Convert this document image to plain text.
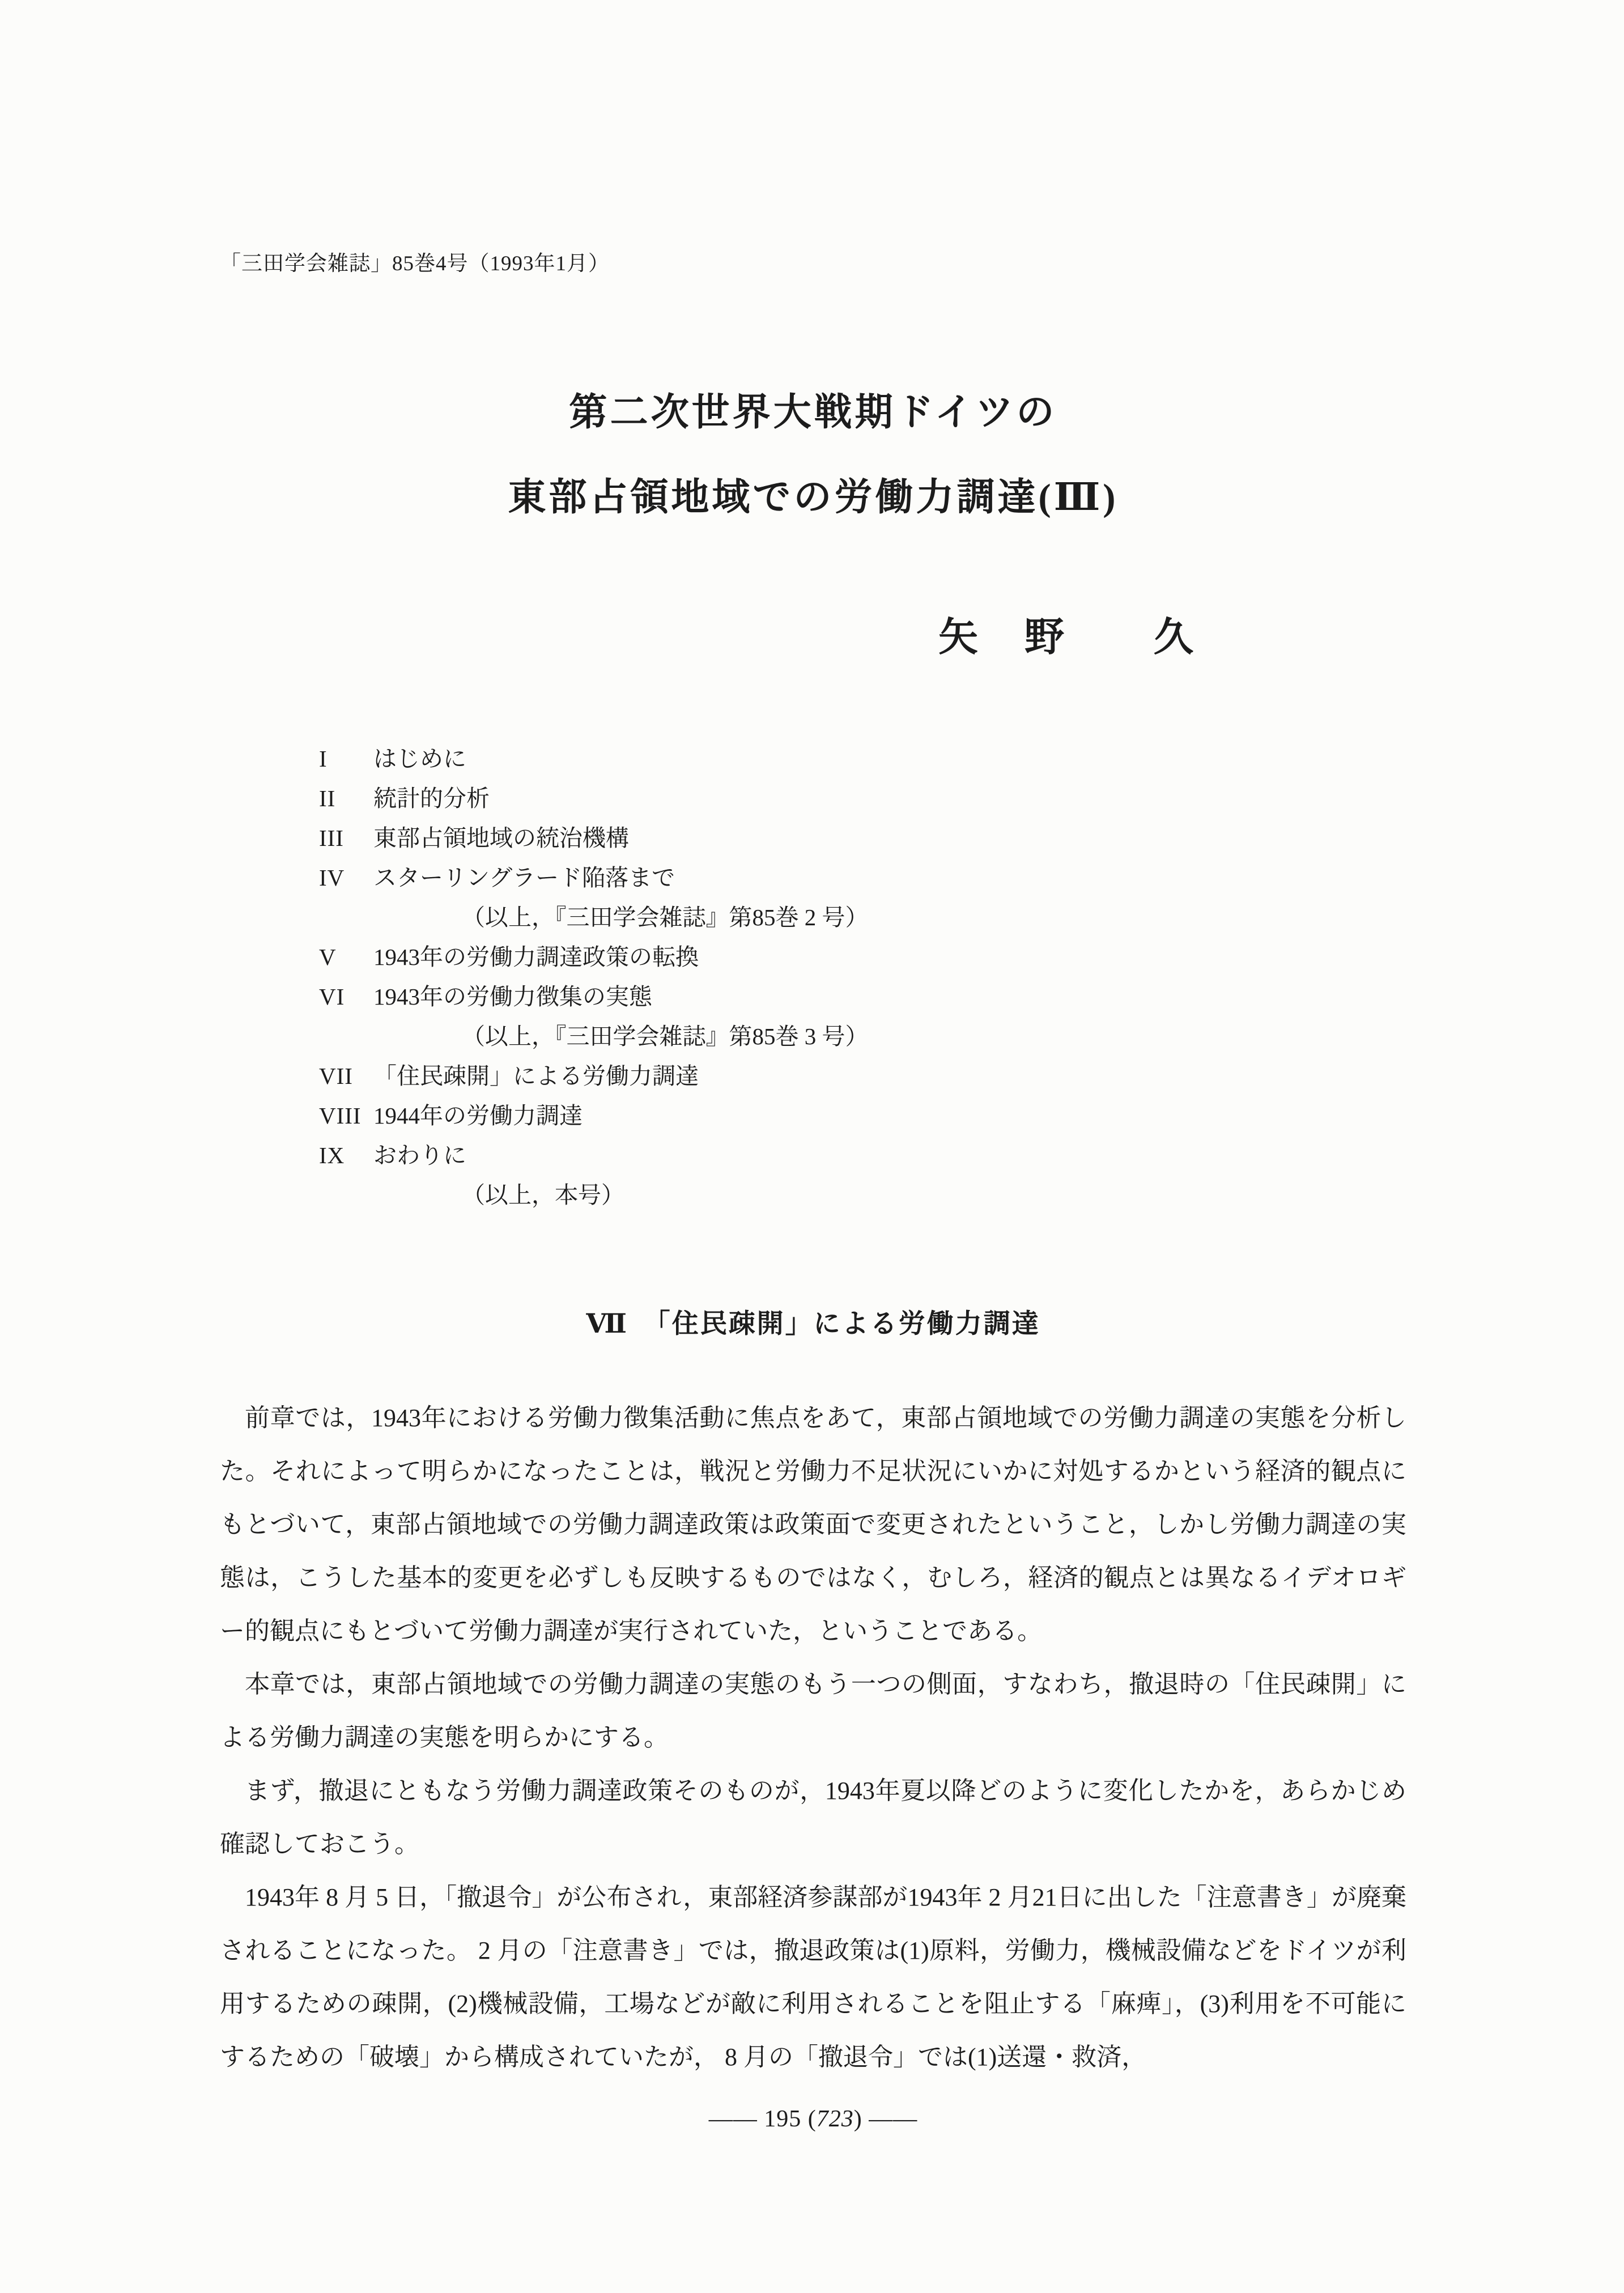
「三田学会雑誌」85巻4号（1993年1月）
第二次世界大戦期ドイツの
東部占領地域での労働力調達(Ⅲ)
矢　野　　久
I はじめに
II 統計的分析
III 東部占領地域の統治機構
IV スターリングラード陥落まで
（以上，『三田学会雑誌』第85巻 2 号）
V 1943年の労働力調達政策の転換
VI 1943年の労働力徴集の実態
（以上，『三田学会雑誌』第85巻 3 号）
VII 「住民疎開」による労働力調達
VIII 1944年の労働力調達
IX おわりに
（以上，本号）
Ⅶ　「住民疎開」による労働力調達

前章では，1943年における労働力徴集活動に焦点をあて，東部占領地域での労働力調達の実態を分析した。それによって明らかになったことは，戦況と労働力不足状況にいかに対処するかという経済的観点にもとづいて，東部占領地域での労働力調達政策は政策面で変更されたということ，しかし労働力調達の実態は，こうした基本的変更を必ずしも反映するものではなく，むしろ，経済的観点とは異なるイデオロギー的観点にもとづいて労働力調達が実行されていた，ということである。

本章では，東部占領地域での労働力調達の実態のもう一つの側面，すなわち，撤退時の「住民疎開」による労働力調達の実態を明らかにする。

まず，撤退にともなう労働力調達政策そのものが，1943年夏以降どのように変化したかを，あらかじめ確認しておこう。

1943年 8 月 5 日，「撤退令」が公布され，東部経済参謀部が1943年 2 月21日に出した「注意書き」が廃棄されることになった。 2 月の「注意書き」では，撤退政策は(1)原料，労働力，機械設備などをドイツが利用するための疎開，(2)機械設備，工場などが敵に利用されることを阻止する「麻痺」，(3)利用を不可能にするための「破壊」から構成されていたが， 8 月の「撤退令」では(1)送還・救済，

—— 195 (723) ——
